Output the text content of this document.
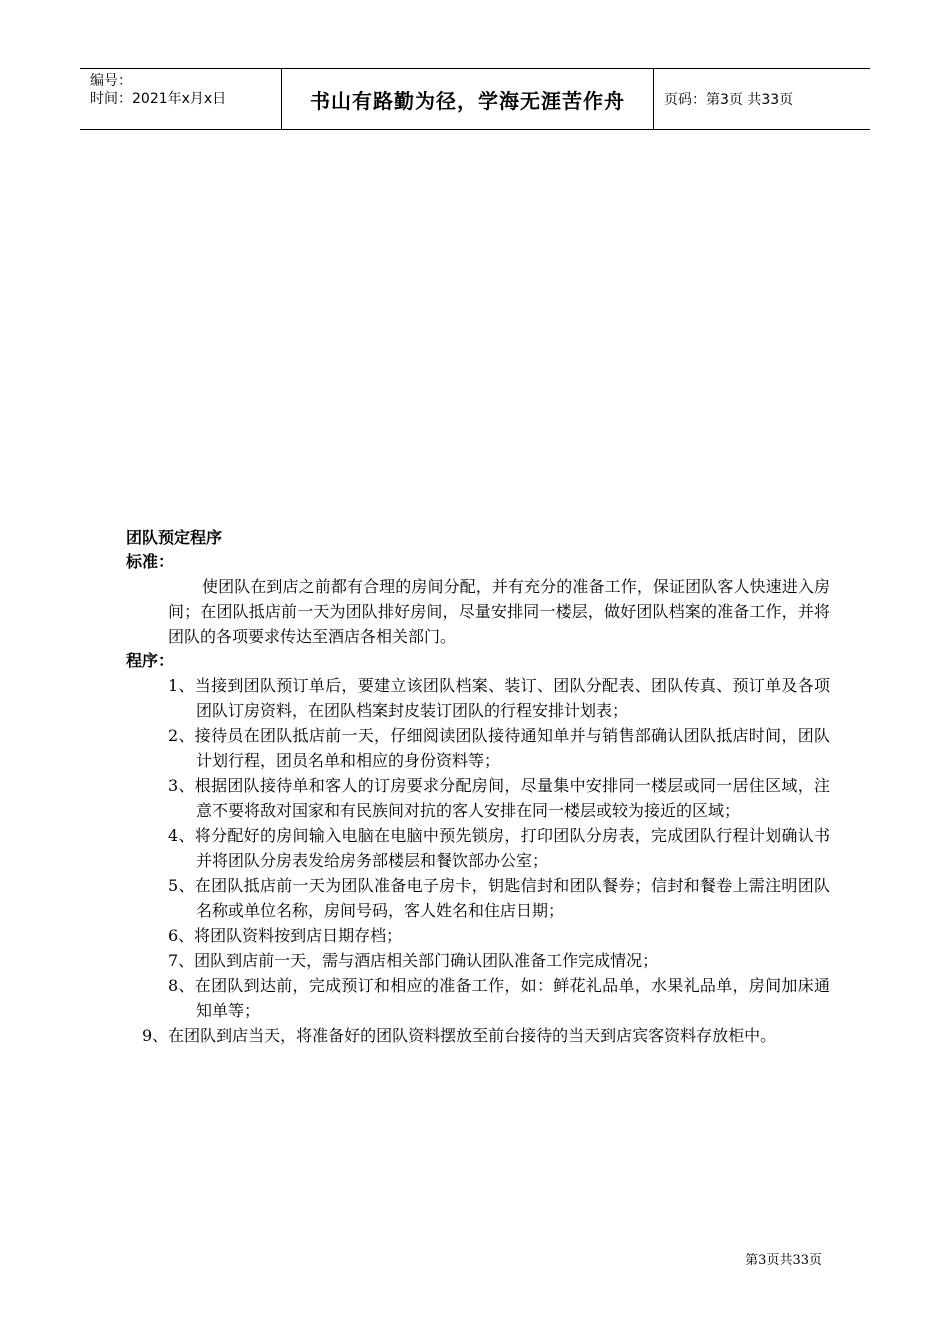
编号：
时间：2021年x月x日	书山有路勤为径，学海无涯苦作舟	页码：第3页 共33页
团队预定程序
标准：
使团队在到店之前都有合理的房间分配，并有充分的准备工作，保证团队客人快速进入房间；在团队抵店前一天为团队排好房间，尽量安排同一楼层，做好团队档案的准备工作，并将团队的各项要求传达至酒店各相关部门。
程序：
1、当接到团队预订单后，要建立该团队档案、装订、团队分配表、团队传真、预订单及各项团队订房资料，在团队档案封皮装订团队的行程安排计划表；
2、接待员在团队抵店前一天，仔细阅读团队接待通知单并与销售部确认团队抵店时间，团队计划行程，团员名单和相应的身份资料等；
3、根据团队接待单和客人的订房要求分配房间，尽量集中安排同一楼层或同一居住区域，注意不要将敌对国家和有民族间对抗的客人安排在同一楼层或较为接近的区域；
4、将分配好的房间输入电脑在电脑中预先锁房，打印团队分房表，完成团队行程计划确认书并将团队分房表发给房务部楼层和餐饮部办公室；
5、在团队抵店前一天为团队准备电子房卡，钥匙信封和团队餐券；信封和餐卷上需注明团队名称或单位名称，房间号码，客人姓名和住店日期；
6、将团队资料按到店日期存档；
7、团队到店前一天，需与酒店相关部门确认团队准备工作完成情况；
8、在团队到达前，完成预订和相应的准备工作，如：鲜花礼品单，水果礼品单，房间加床通知单等；
9、在团队到店当天，将准备好的团队资料摆放至前台接待的当天到店宾客资料存放柜中。
第3页共33页
